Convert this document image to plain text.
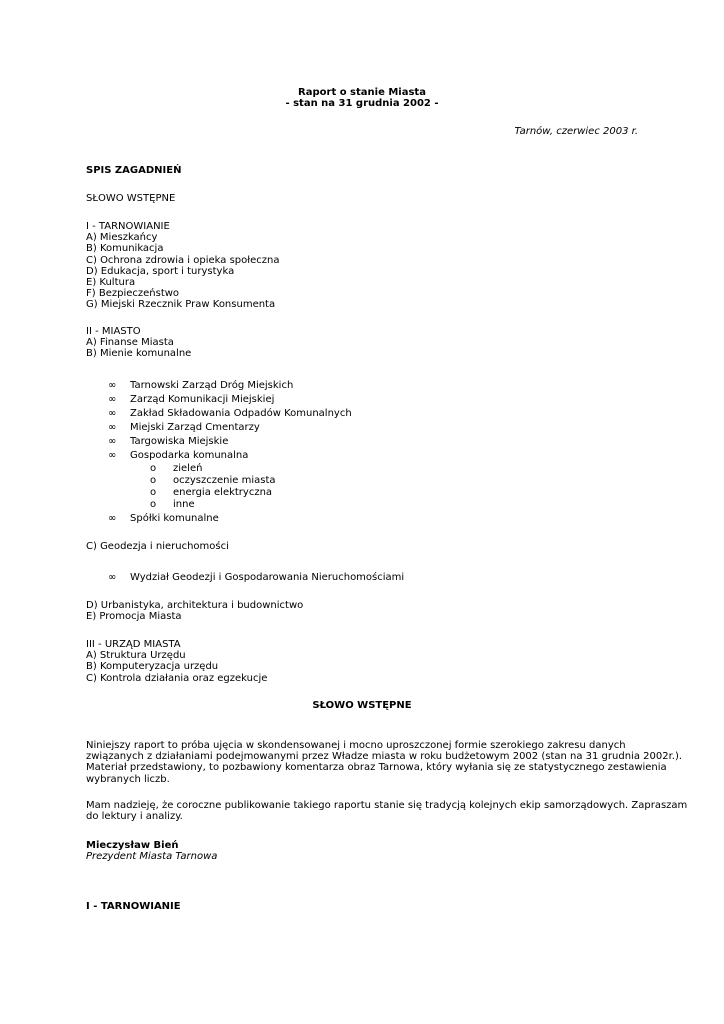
Raport o stanie Miasta
- stan na 31 grudnia 2002 -
Tarnów, czerwiec 2003 r.
SPIS ZAGADNIEŃ
SŁOWO WSTĘPNE
I - TARNOWIANIE
A) Mieszkańcy
B) Komunikacja
C) Ochrona zdrowia i opieka społeczna
D) Edukacja, sport i turystyka
E) Kultura
F) Bezpieczeństwo
G) Miejski Rzecznik Praw Konsumenta
II - MIASTO
A) Finanse Miasta
B) Mienie komunalne
∞ Tarnowski Zarząd Dróg Miejskich
∞ Zarząd Komunikacji Miejskiej
∞ Zakład Składowania Odpadów Komunalnych
∞ Miejski Zarząd Cmentarzy
∞ Targowiska Miejskie
∞ Gospodarka komunalna
o zieleń
o oczyszczenie miasta
o energia elektryczna
o inne
∞ Spółki komunalne
C) Geodezja i nieruchomości
∞ Wydział Geodezji i Gospodarowania Nieruchomościami
D) Urbanistyka, architektura i budownictwo
E) Promocja Miasta
III - URZĄD MIASTA
A) Struktura Urzędu
B) Komputeryzacja urzędu
C) Kontrola działania oraz egzekucje
SŁOWO WSTĘPNE
Niniejszy raport to próba ujęcia w skondensowanej i mocno uproszczonej formie szerokiego zakresu danych
związanych z działaniami podejmowanymi przez Władze miasta w roku budżetowym 2002 (stan na 31 grudnia 2002r.).
Materiał przedstawiony, to pozbawiony komentarza obraz Tarnowa, który wyłania się ze statystycznego zestawienia
wybranych liczb.
Mam nadzieję, że coroczne publikowanie takiego raportu stanie się tradycją kolejnych ekip samorządowych. Zapraszam
do lektury i analizy.
Mieczysław Bień
Prezydent Miasta Tarnowa
I - TARNOWIANIE
